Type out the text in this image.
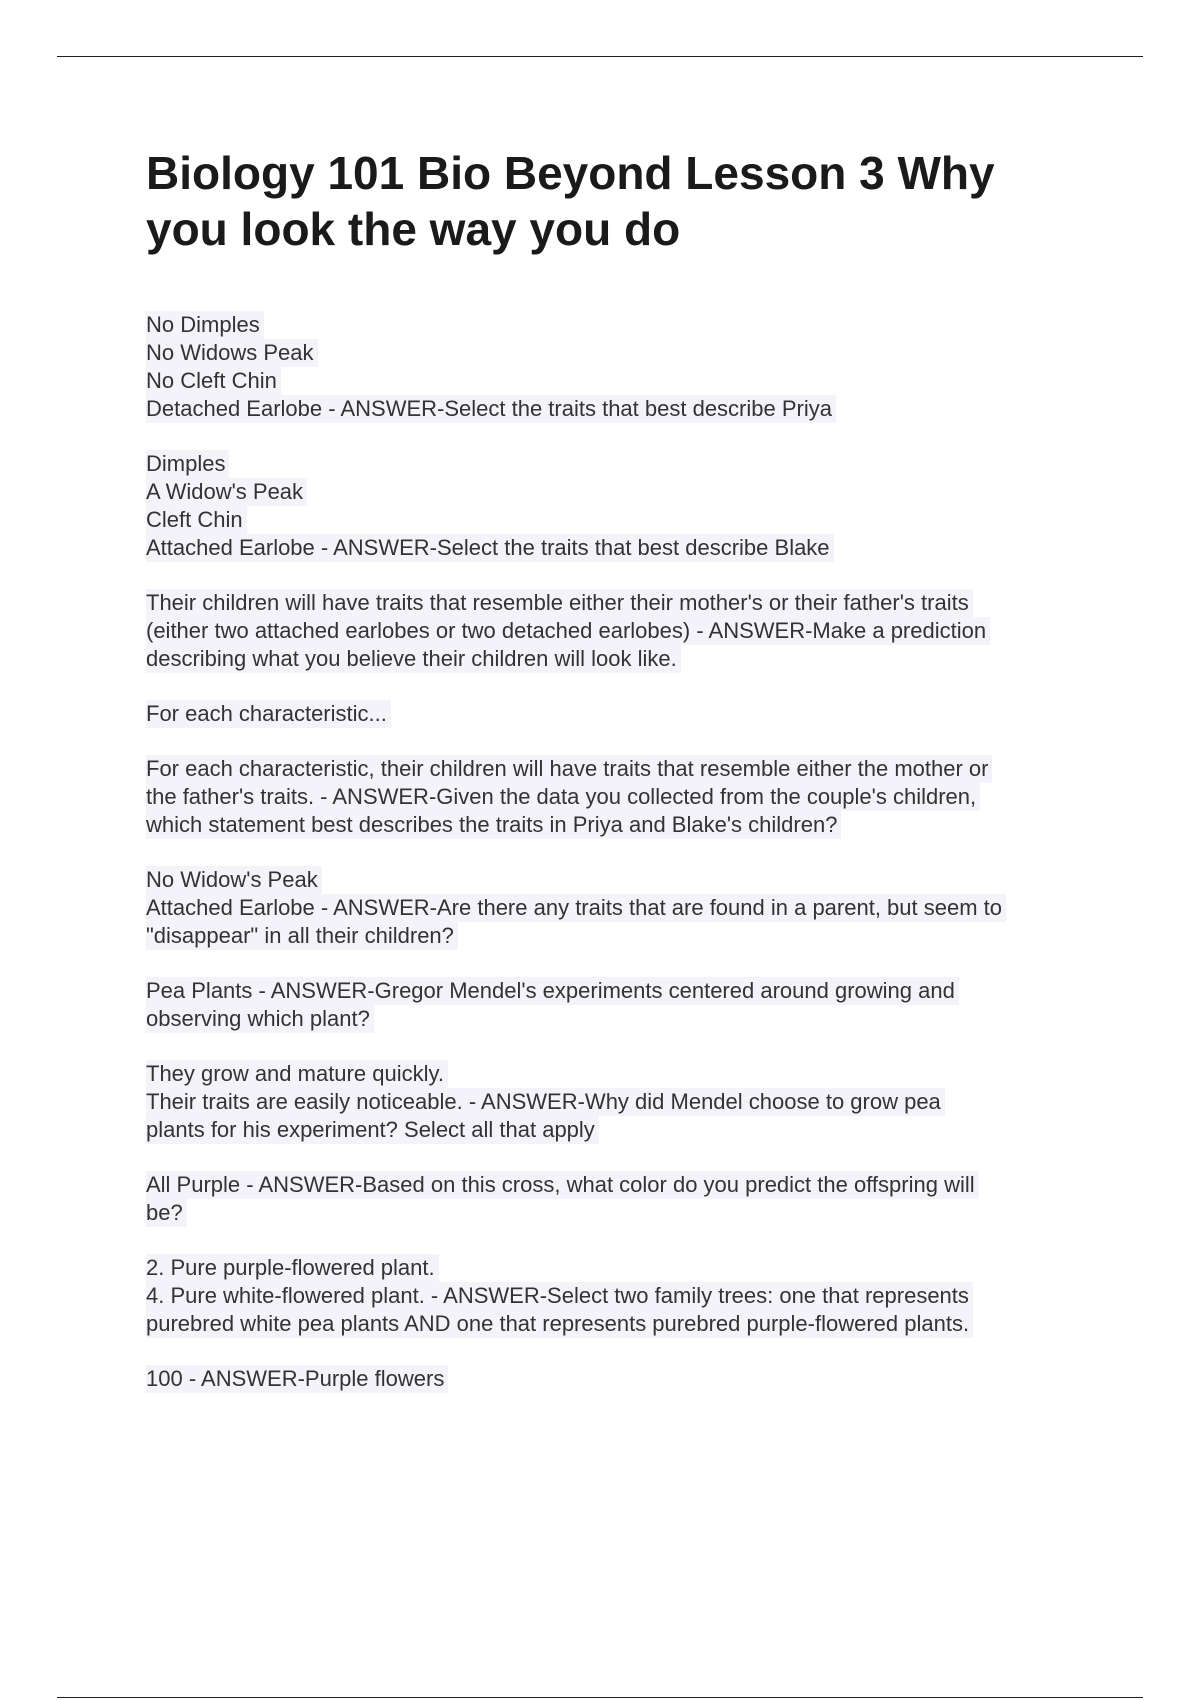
Biology 101 Bio Beyond Lesson 3 Why you look the way you do

No Dimples
No Widows Peak
No Cleft Chin
Detached Earlobe - ANSWER-Select the traits that best describe Priya

Dimples
A Widow's Peak
Cleft Chin
Attached Earlobe - ANSWER-Select the traits that best describe Blake

Their children will have traits that resemble either their mother's or their father's traits
(either two attached earlobes or two detached earlobes) - ANSWER-Make a prediction
describing what you believe their children will look like.

For each characteristic...

For each characteristic, their children will have traits that resemble either the mother or
the father's traits. - ANSWER-Given the data you collected from the couple's children,
which statement best describes the traits in Priya and Blake's children?

No Widow's Peak
Attached Earlobe - ANSWER-Are there any traits that are found in a parent, but seem to
"disappear" in all their children?

Pea Plants - ANSWER-Gregor Mendel's experiments centered around growing and
observing which plant?

They grow and mature quickly.
Their traits are easily noticeable. - ANSWER-Why did Mendel choose to grow pea
plants for his experiment? Select all that apply

All Purple - ANSWER-Based on this cross, what color do you predict the offspring will
be?

2. Pure purple-flowered plant.
4. Pure white-flowered plant. - ANSWER-Select two family trees: one that represents
purebred white pea plants AND one that represents purebred purple-flowered plants.

100 - ANSWER-Purple flowers
